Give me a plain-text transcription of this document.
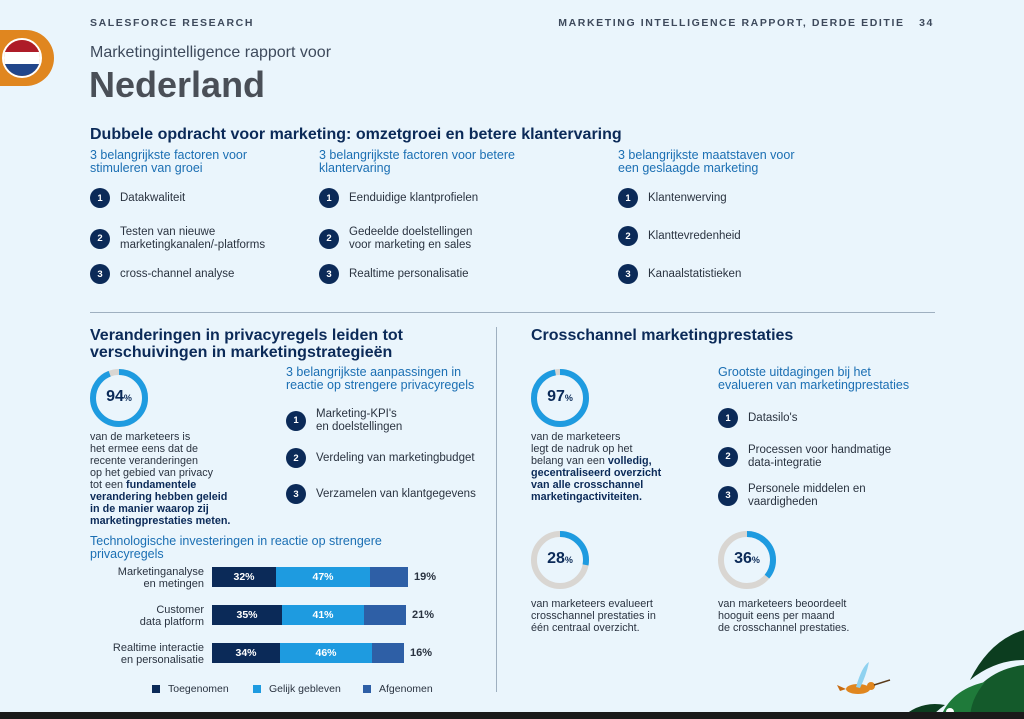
SALESFORCE RESEARCH	MARKETING INTELLIGENCE RAPPORT, DERDE EDITIE 34
Marketingintelligence rapport voor
Nederland
Dubbele opdracht voor marketing: omzetgroei en betere klantervaring
3 belangrijkste factoren voor
stimuleren van groei
1	Datakwaliteit
2
Testen van nieuwe
marketingkanalen/-platforms
3	cross-channel analyse
3 belangrijkste factoren voor betere
klantervaring
1	Eenduidige klantprofielen
2
Gedeelde doelstellingen
voor marketing en sales
3	Realtime personalisatie
3 belangrijkste maatstaven voor
een geslaagde marketing
1	Klantenwerving
2	Klanttevredenheid
3	Kanaalstatistieken
Veranderingen in privacyregels leiden tot
verschuivingen in marketingstrategieën
94%
van de marketeers is
het ermee eens dat de
recente veranderingen
op het gebied van privacy
tot een fundamentele
verandering hebben geleid
in de manier waarop zij
marketingprestaties meten.
3 belangrijkste aanpassingen in
reactie op strengere privacyregels
1
Marketing-KPI's
en doelstellingen
2	Verdeling van marketingbudget
3	Verzamelen van klantgegevens
Technologische investeringen in reactie op strengere
privacyregels
Marketinganalyse
en metingen
32%	47%	19%
Customer
data platform
35%	41%	21%
Realtime interactie
en personalisatie
34%	46%	16%
Toegenomen	Gelijk gebleven	Afgenomen
Crosschannel marketingprestaties
97%
van de marketeers
legt de nadruk op het
belang van een volledig,
gecentraliseerd overzicht
van alle crosschannel
marketingactiviteiten.
Grootste uitdagingen bij het
evalueren van marketingprestaties
1	Datasilo's
2
Processen voor handmatige
data-integratie
3
Personele middelen en
vaardigheden
28%
van marketeers evalueert
crosschannel prestaties in
één centraal overzicht.
36%
van marketeers beoordeelt
hooguit eens per maand
de crosschannel prestaties.
